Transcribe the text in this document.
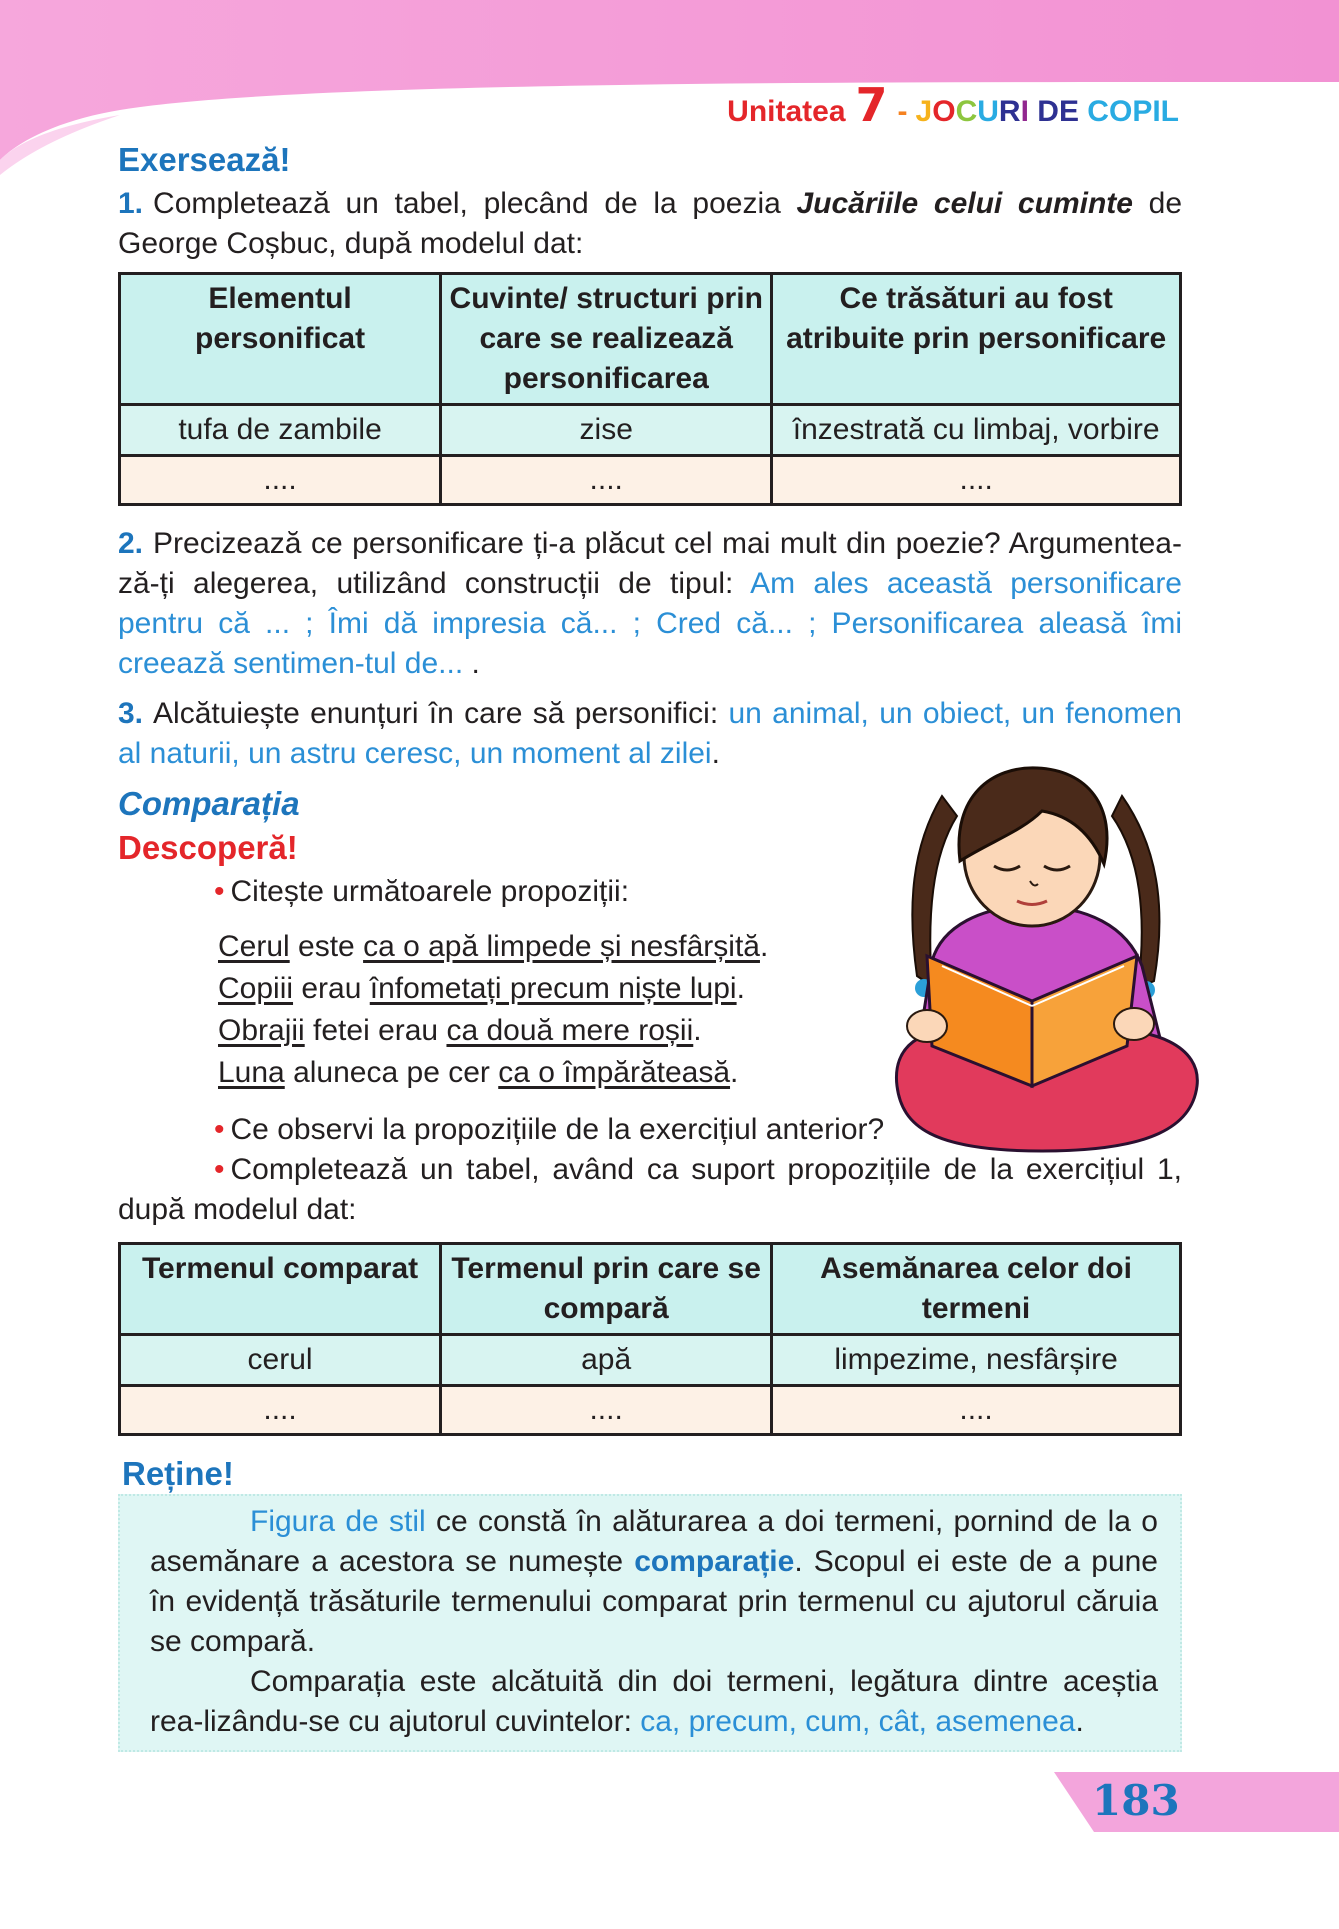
Unitatea 7 - JOCURI DE COPIL
Exersează!

1. Completează un tabel, plecând de la poezia Jucăriile celui cuminte de George Coșbuc, după modelul dat:

Elementul personificat	Cuvinte/ structuri prin care se realizează personificarea	Ce trăsături au fost atribuite prin personificare
tufa de zambile	zise	înzestrată cu limbaj, vorbire
....	....	....

2. Precizează ce personificare ți-a plăcut cel mai mult din poezie? Argumentea-ză-ți alegerea, utilizând construcții de tipul: Am ales această personificare pentru că ... ; Îmi dă impresia că... ; Cred că... ; Personificarea aleasă îmi creează sentimen-tul de... .

3. Alcătuiește enunțuri în care să personifici: un animal, un obiect, un fenomen al naturii, un astru ceresc, un moment al zilei.

Comparația
Descoperă!

• Citește următoarele propoziții:

Cerul este ca o apă limpede și nesfârșită.

Copiii erau înfometați precum niște lupi.

Obrajii fetei erau ca două mere roșii.

Luna aluneca pe cer ca o împărăteasă.

• Ce observi la propozițiile de la exercițiul anterior?

• Completează un tabel, având ca suport propozițiile de la exercițiul 1,

după modelul dat:

Termenul comparat	Termenul prin care se compară	Asemănarea celor doi termeni
cerul	apă	limpezime, nesfârșire
....	....	....
Reține!

Figura de stil ce constă în alăturarea a doi termeni, pornind de la o asemănare a acestora se numește comparație. Scopul ei este de a pune în evidență trăsăturile termenului comparat prin termenul cu ajutorul căruia se compară.

Comparația este alcătuită din doi termeni, legătura dintre aceștia rea-lizându-se cu ajutorul cuvintelor: ca, precum, cum, cât, asemenea.

183
